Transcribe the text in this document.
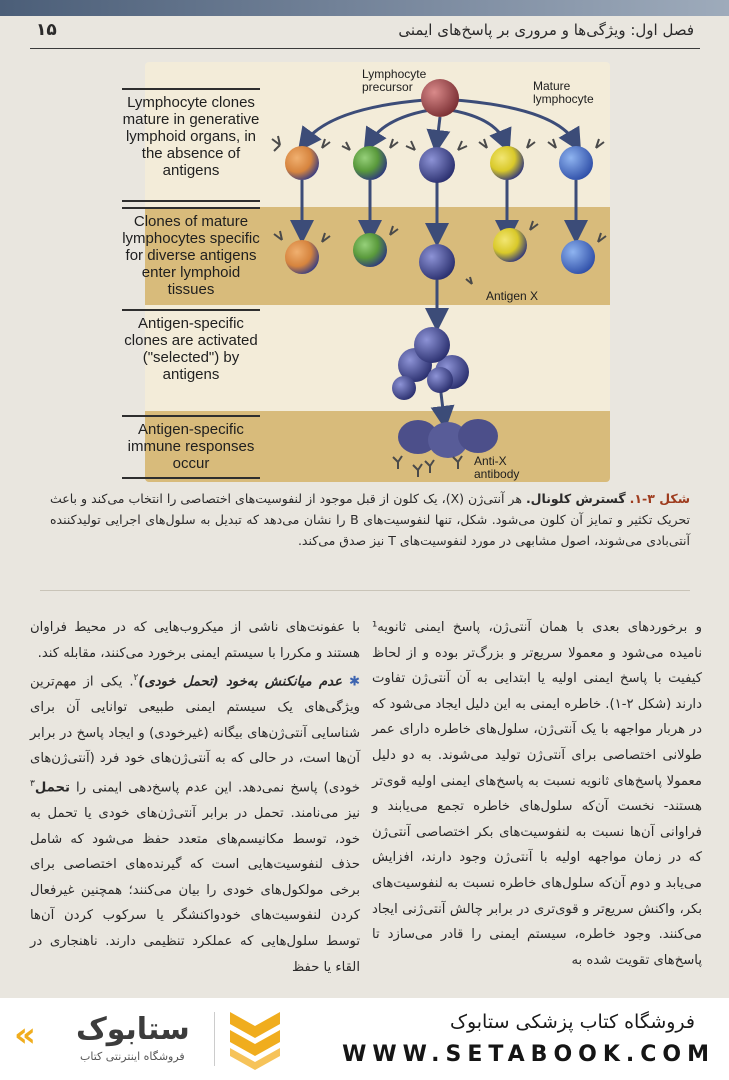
۱۵	فصل اول: ویژگی‌ها و مروری بر پاسخ‌های ایمنی
Lymphocyte clones mature in generative lymphoid organs, in the absence of antigens
Clones of mature lymphocytes specific for diverse antigens enter lymphoid tissues
Antigen-specific clones are activated ("selected") by antigens
Antigen-specific immune responses occur
Lymphocyte precursor	Mature lymphocyte
Antigen X
Anti-X antibody
شکل ۳-۱. گسترش کلونال. هر آنتی‌ژن (X)، یک کلون از قبل موجود از لنفوسیت‌های اختصاصی را انتخاب می‌کند و باعث تحریک تکثیر و تمایز آن کلون می‌شود. شکل، تنها لنفوسیت‌های B را نشان می‌دهد که تبدیل به سلول‌های اجرایی تولیدکننده آنتی‌بادی می‌شوند، اصول مشابهی در مورد لنفوسیت‌های T نیز صدق می‌کند.

و برخوردهای بعدی با همان آنتی‌ژن، پاسخ ایمنی ثانویه¹ نامیده می‌شود و معمولا سریع‌تر و بزرگ‌تر بوده و از لحاظ کیفیت با پاسخ ایمنی اولیه یا ابتدایی به آن آنتی‌ژن تفاوت دارند (شکل ۲-۱). خاطره ایمنی به این دلیل ایجاد می‌شود که در هربار مواجهه با یک آنتی‌ژن، سلول‌های خاطره دارای عمر طولانی اختصاصی برای آنتی‌ژن تولید می‌شوند. به دو دلیل معمولا پاسخ‌های ثانویه نسبت به پاسخ‌های ایمنی اولیه قوی‌تر هستند- نخست آن‌که سلول‌های خاطره تجمع می‌یابند و فراوانی آن‌ها نسبت به لنفوسیت‌های بکر اختصاصی آنتی‌ژن که در زمان مواجهه اولیه با آنتی‌ژن وجود دارند، افزایش می‌یابد و دوم آن‌که سلول‌های خاطره نسبت به لنفوسیت‌های بکر، واکنش سریع‌تر و قوی‌تری در برابر چالش آنتی‌ژنی ایجاد می‌کنند. وجود خاطره، سیستم ایمنی را قادر می‌سازد تا پاسخ‌های تقویت شده به

با عفونت‌های ناشی از میکروب‌هایی که در محیط فراوان هستند و مکررا با سیستم ایمنی برخورد می‌کنند، مقابله کند.

✱ عدم میانکنش به‌خود (تحمل خودی)$^۲$. یکی از مهم‌ترین ویژگی‌های یک سیستم ایمنی طبیعی توانایی آن برای شناسایی آنتی‌ژن‌های بیگانه (غیرخودی) و ایجاد پاسخ در برابر آن‌ها است، در حالی که به آنتی‌ژن‌های خود فرد (آنتی‌ژن‌های خودی) پاسخ نمی‌دهد. این عدم پاسخ‌دهی ایمنی را تحمل$^۳$ نیز می‌نامند. تحمل در برابر آنتی‌ژن‌های خودی یا تحمل به خود، توسط مکانیسم‌های متعدد حفظ می‌شود که شامل حذف لنفوسیت‌هایی است که گیرنده‌های اختصاصی برای برخی مولکول‌های خودی را بیان می‌کنند؛ همچنین غیرفعال کردن لنفوسیت‌های خودواکنشگر یا سرکوب کردن آن‌ها توسط سلول‌هایی که عملکرد تنظیمی دارند. ناهنجاری در القاء یا حفظ

« ستابوک
فروشگاه اینترنتی کتاب
فروشگاه کتاب پزشکی ستابوک
WWW.SETABOOK.COM
